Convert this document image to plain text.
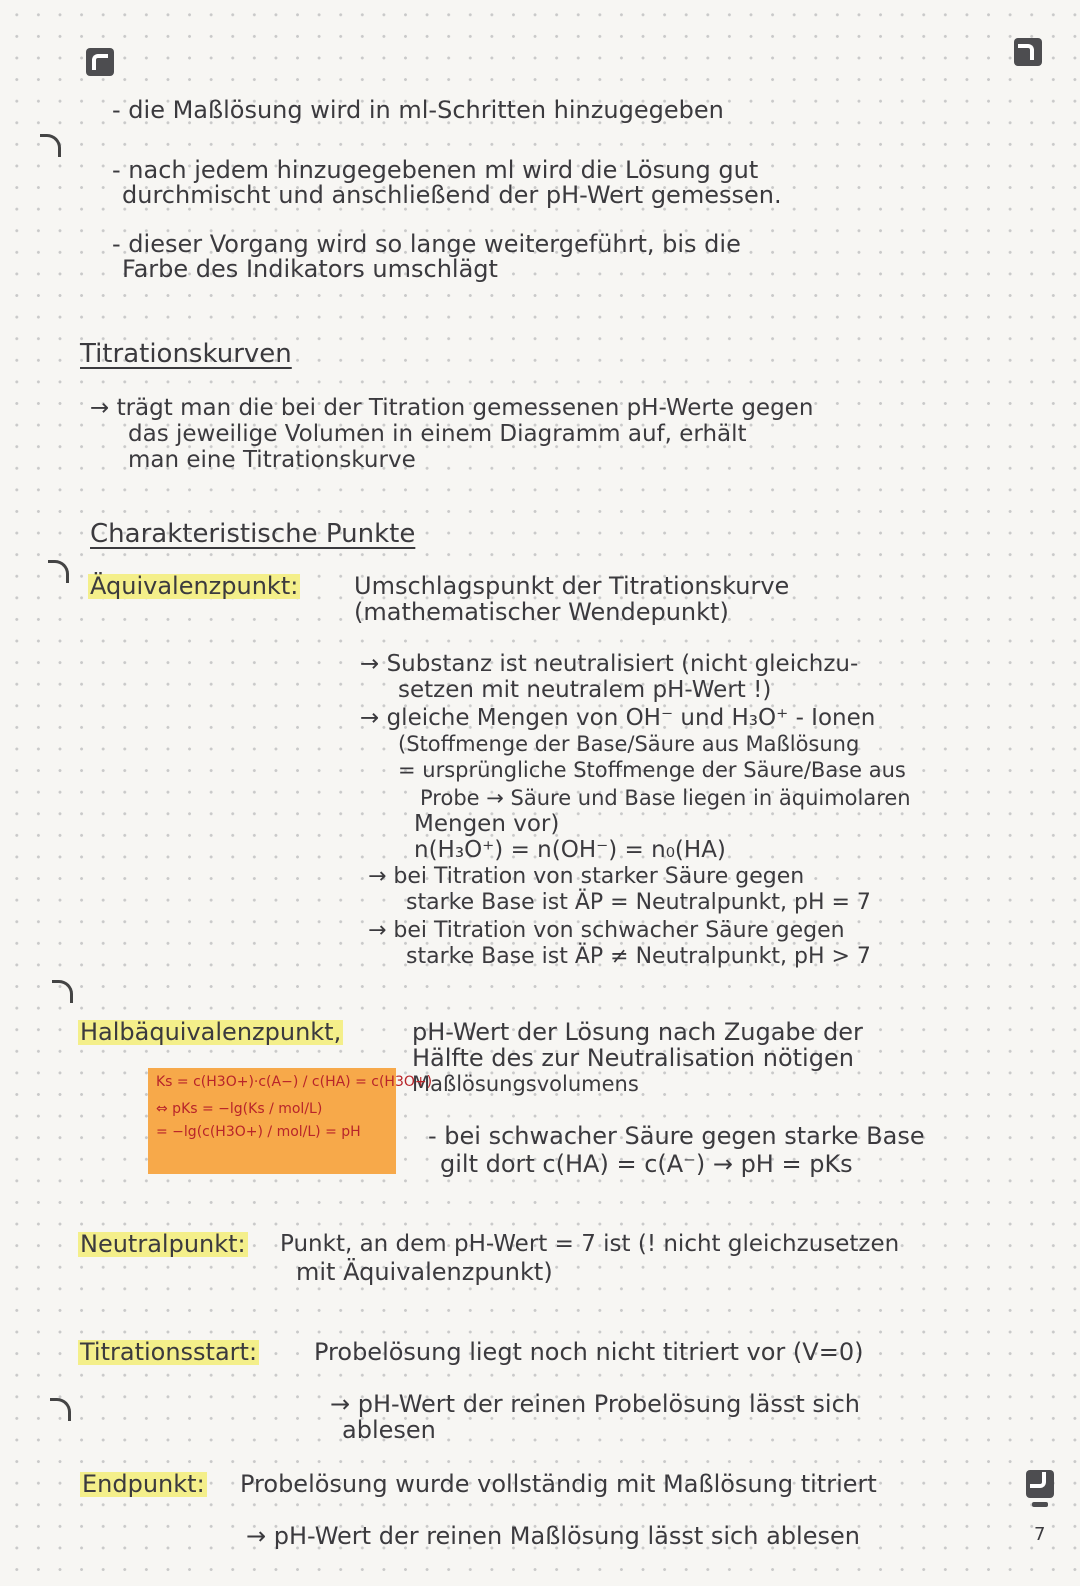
- die Maßlösung wird in ml-Schritten hinzugegeben
- nach jedem hinzugegebenen ml wird die Lösung gut
durchmischt und anschließend der pH-Wert gemessen.
- dieser Vorgang wird so lange weitergeführt, bis die
Farbe des Indikators umschlägt
Titrationskurven
→ trägt man die bei der Titration gemessenen pH-Werte gegen
das jeweilige Volumen in einem Diagramm auf, erhält
man eine Titrationskurve
Charakteristische Punkte
Äquivalenzpunkt: Umschlagspunkt der Titrationskurve
(mathematischer Wendepunkt)
→ Substanz ist neutralisiert (nicht gleichzu-
setzen mit neutralem pH-Wert !)
→ gleiche Mengen von OH⁻ und H₃O⁺ - Ionen
(Stoffmenge der Base/Säure aus Maßlösung
= ursprüngliche Stoffmenge der Säure/Base aus
Probe → Säure und Base liegen in äquimolaren
Mengen vor)
n(H₃O⁺) = n(OH⁻) = n₀(HA)
→ bei Titration von starker Säure gegen
starke Base ist ÄP = Neutralpunkt, pH = 7
→ bei Titration von schwacher Säure gegen
starke Base ist ÄP ≠ Neutralpunkt, pH > 7
Halbäquivalenzpunkt,	pH-Wert der Lösung nach Zugabe der
Hälfte des zur Neutralisation nötigen
Maßlösungsvolumens
Ks = c(H3O+)·c(A−) / c(HA) = c(H3O+)
⇔ pKs = −lg(Ks / mol/L)
= −lg(c(H3O+) / mol/L) = pH	- bei schwacher Säure gegen starke Base
gilt dort c(HA) = c(A⁻) → pH = pKs
Neutralpunkt: Punkt, an dem pH-Wert = 7 ist (! nicht gleichzusetzen
mit Äquivalenzpunkt)
Titrationsstart: Probelösung liegt noch nicht titriert vor (V=0)
→ pH-Wert der reinen Probelösung lässt sich
ablesen
Endpunkt: Probelösung wurde vollständig mit Maßlösung titriert
→ pH-Wert der reinen Maßlösung lässt sich ablesen	7
